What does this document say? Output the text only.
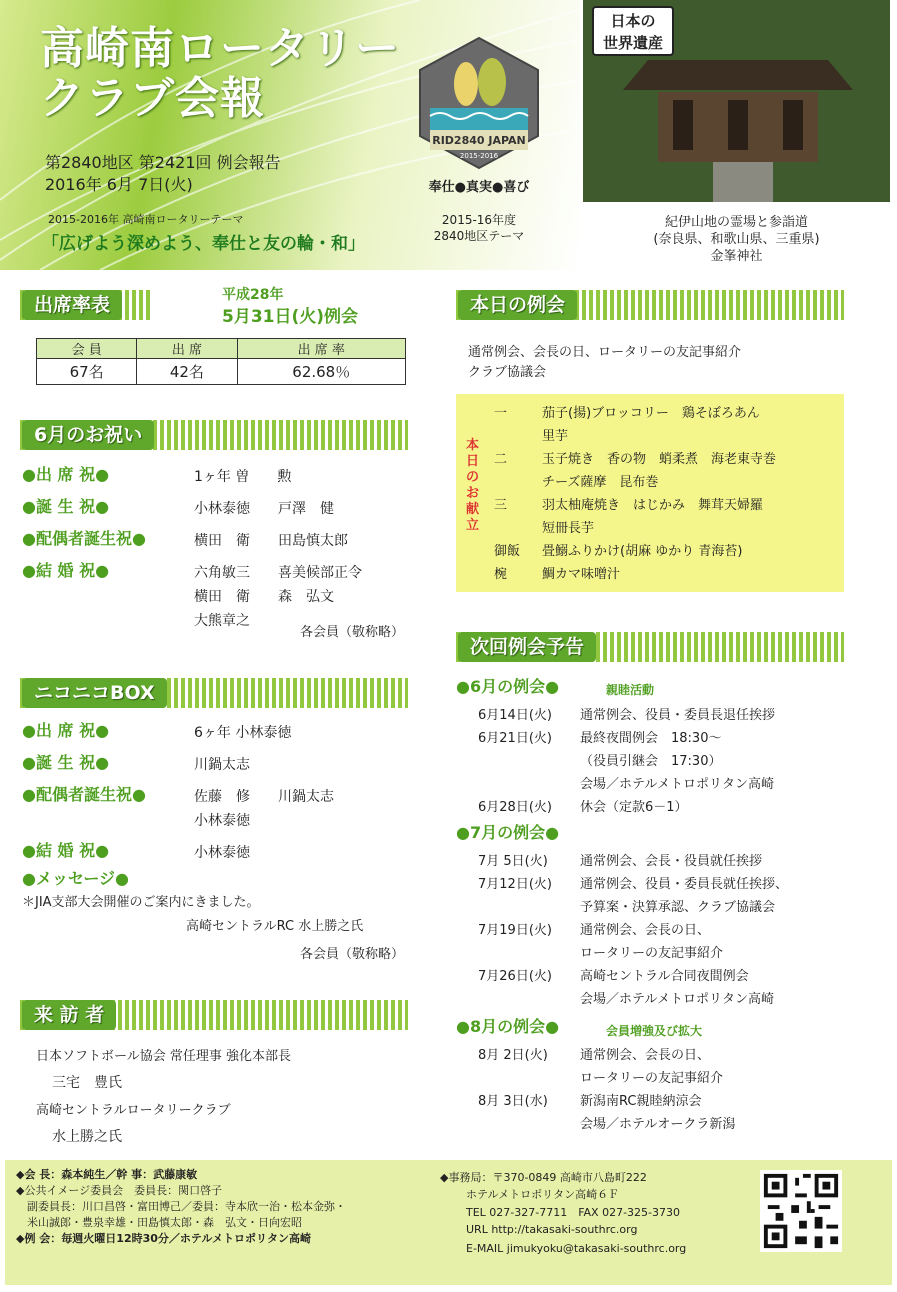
高崎南ロータリー
クラブ会報
第2840地区 第2421回 例会報告
2016年 6月 7日(火)
2015-2016年 高崎南ロータリーテーマ
「広げよう深めよう、奉仕と友の輪・和」
RID2840 JAPAN
2015-2016
奉仕●真実●喜び
2015-16年度
2840地区テーマ
日本の
世界遺産
紀伊山地の霊場と参詣道
(奈良県、和歌山県、三重県)
金峯神社
出席率表	平成28年
5月31日(火)例会
会 員	出 席	出 席 率
67名	42名	62.68％
6月のお祝い
●出 席 祝●	1ヶ年 曽　　勲
●誕 生 祝●	小林泰徳　　戸澤　健
●配偶者誕生祝●	横田　衛　　田島慎太郎
●結 婚 祝●	六角敏三　　喜美候部正令
横田　衛　　森　弘文
大熊章之
各会員（敬称略）
ニコニコBOX
●出 席 祝●	6ヶ年 小林泰徳
●誕 生 祝●	川鍋太志
●配偶者誕生祝●	佐藤　修　　川鍋太志
小林泰徳
●結 婚 祝●	小林泰徳
●メッセージ●
＊JIA支部大会開催のご案内にきました。
高崎セントラルRC 水上勝之氏
各会員（敬称略）
来 訪 者
日本ソフトボール協会 常任理事 強化本部長
三宅　豊氏
高崎セントラルロータリークラブ
水上勝之氏
本日の例会
通常例会、会長の日、ロータリーの友記事紹介
クラブ協議会
本日のお献立
一	茄子(揚)ブロッコリー　鶏そぼろあん
里芋
二	玉子焼き　香の物　蛸柔煮　海老東寺巻
チーズ薩摩　昆布巻
三	羽太柚庵焼き　はじかみ　舞茸天婦羅
短冊長芋
御飯	畳鰯ふりかけ(胡麻 ゆかり 青海苔)
椀	鯛カマ味噌汁
次回例会予告
●6月の例会●	親睦活動
6月14日(火)	通常例会、役員・委員長退任挨拶
6月21日(火)	最終夜間例会　18:30～
（役員引継会　17:30）
会場／ホテルメトロポリタン高崎
6月28日(火)	休会（定款6－1）
●7月の例会●
7月 5日(火)	通常例会、会長・役員就任挨拶
7月12日(火)	通常例会、役員・委員長就任挨拶、
予算案・決算承認、クラブ協議会
7月19日(火)	通常例会、会長の日、
ロータリーの友記事紹介
7月26日(火)	高崎セントラル合同夜間例会
会場／ホテルメトロポリタン高崎
●8月の例会●	会員増強及び拡大
8月 2日(火)	通常例会、会長の日、
ロータリーの友記事紹介
8月 3日(水)	新潟南RC親睦納涼会
会場／ホテルオークラ新潟
◆会 長：森本純生／幹 事：武藤康敏
◆公共イメージ委員会　委員長：関口啓子
　副委員長：川口昌啓・富田博己／委員：寺本欣一治・松本金弥・
　米山誠郎・豊泉幸雄・田島慎太郎・森　弘文・日向宏昭
◆例 会：毎週火曜日12時30分／ホテルメトロポリタン高崎
◆事務局：〒370-0849 高崎市八島町222
ホテルメトロポリタン高崎６Ｆ
TEL 027-327-7711　FAX 027-325-3730
URL http://takasaki-southrc.org
E-MAIL jimukyoku@takasaki-southrc.org
